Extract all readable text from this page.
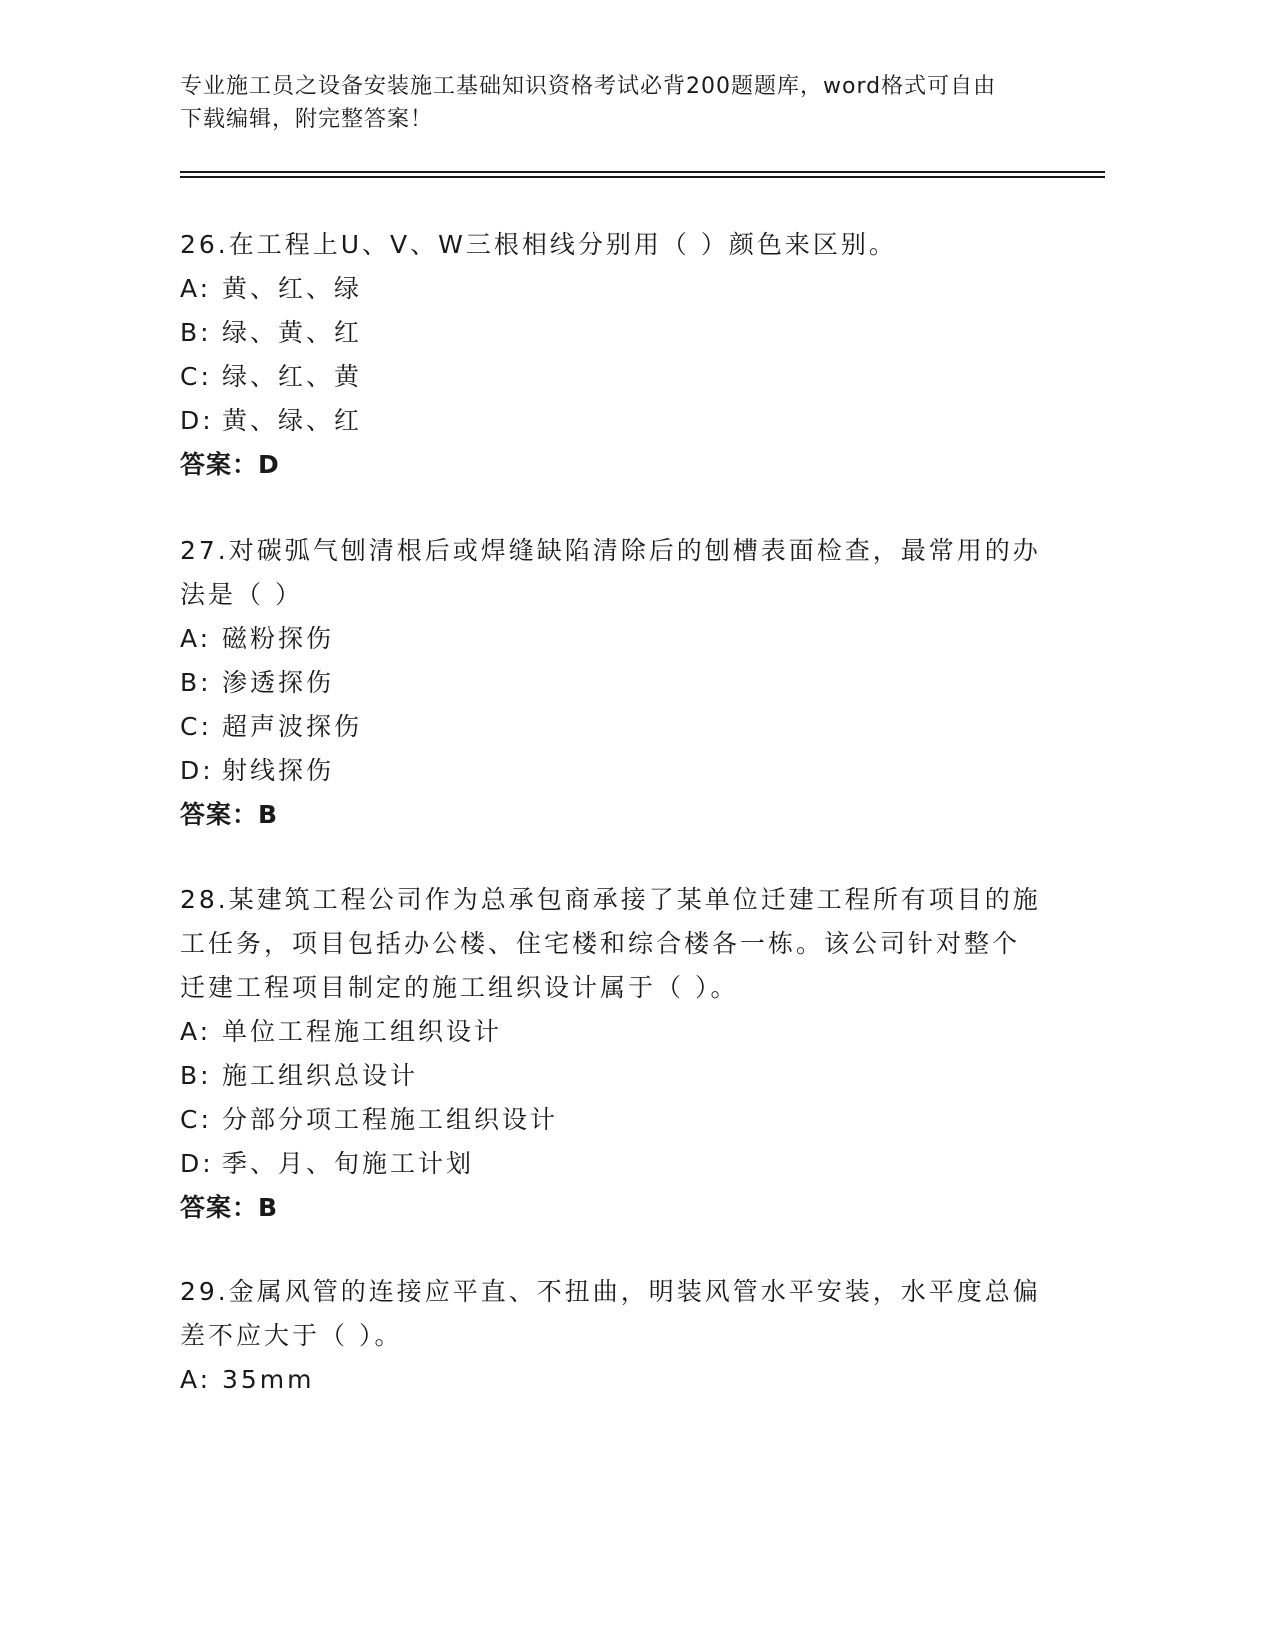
专业施工员之设备安装施工基础知识资格考试必背200题题库，word格式可自由
下载编辑，附完整答案！
26.在工程上U、V、W三根相线分别用（ ）颜色来区别。
A: 黄、红、绿
B: 绿、黄、红
C: 绿、红、黄
D: 黄、绿、红
答案：D
27.对碳弧气刨清根后或焊缝缺陷清除后的刨槽表面检查，最常用的办
法是（ ）
A: 磁粉探伤
B: 渗透探伤
C: 超声波探伤
D: 射线探伤
答案：B
28.某建筑工程公司作为总承包商承接了某单位迁建工程所有项目的施
工任务，项目包括办公楼、住宅楼和综合楼各一栋。该公司针对整个
迁建工程项目制定的施工组织设计属于（ ）。
A: 单位工程施工组织设计
B: 施工组织总设计
C: 分部分项工程施工组织设计
D: 季、月、旬施工计划
答案：B
29.金属风管的连接应平直、不扭曲，明装风管水平安装，水平度总偏
差不应大于（ ）。
A: 35mm
